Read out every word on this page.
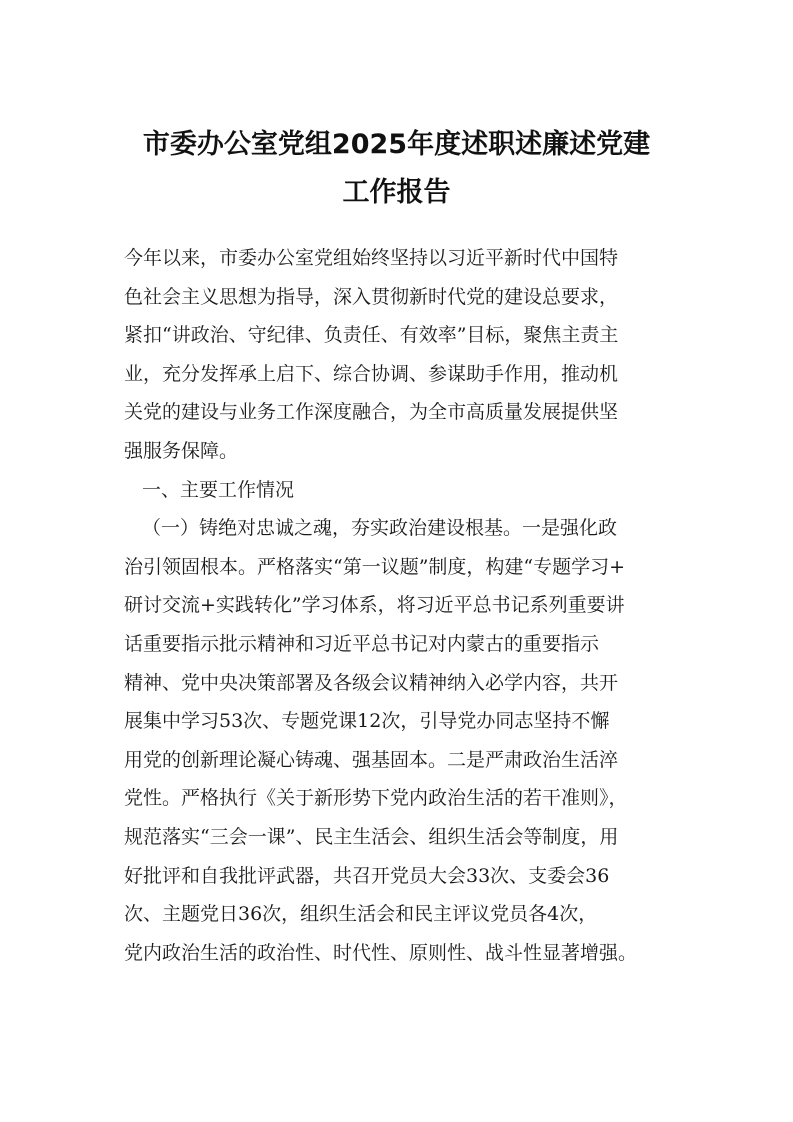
市委办公室党组2025年度述职述廉述党建
工作报告
今年以来，市委办公室党组始终坚持以习近平新时代中国特
色社会主义思想为指导，深入贯彻新时代党的建设总要求，
紧扣“讲政治、守纪律、负责任、有效率”目标，聚焦主责主
业，充分发挥承上启下、综合协调、参谋助手作用，推动机
关党的建设与业务工作深度融合，为全市高质量发展提供坚
强服务保障。
一、主要工作情况
（一）铸绝对忠诚之魂，夯实政治建设根基。一是强化政
治引领固根本。严格落实“第一议题”制度，构建“专题学习+
研讨交流+实践转化”学习体系，将习近平总书记系列重要讲
话重要指示批示精神和习近平总书记对内蒙古的重要指示
精神、党中央决策部署及各级会议精神纳入必学内容，共开
展集中学习53次、专题党课12次，引导党办同志坚持不懈
用党的创新理论凝心铸魂、强基固本。二是严肃政治生活淬
党性。严格执行《关于新形势下党内政治生活的若干准则》，
规范落实“三会一课”、民主生活会、组织生活会等制度，用
好批评和自我批评武器，共召开党员大会33次、支委会36
次、主题党日36次，组织生活会和民主评议党员各4次，
党内政治生活的政治性、时代性、原则性、战斗性显著增强。
